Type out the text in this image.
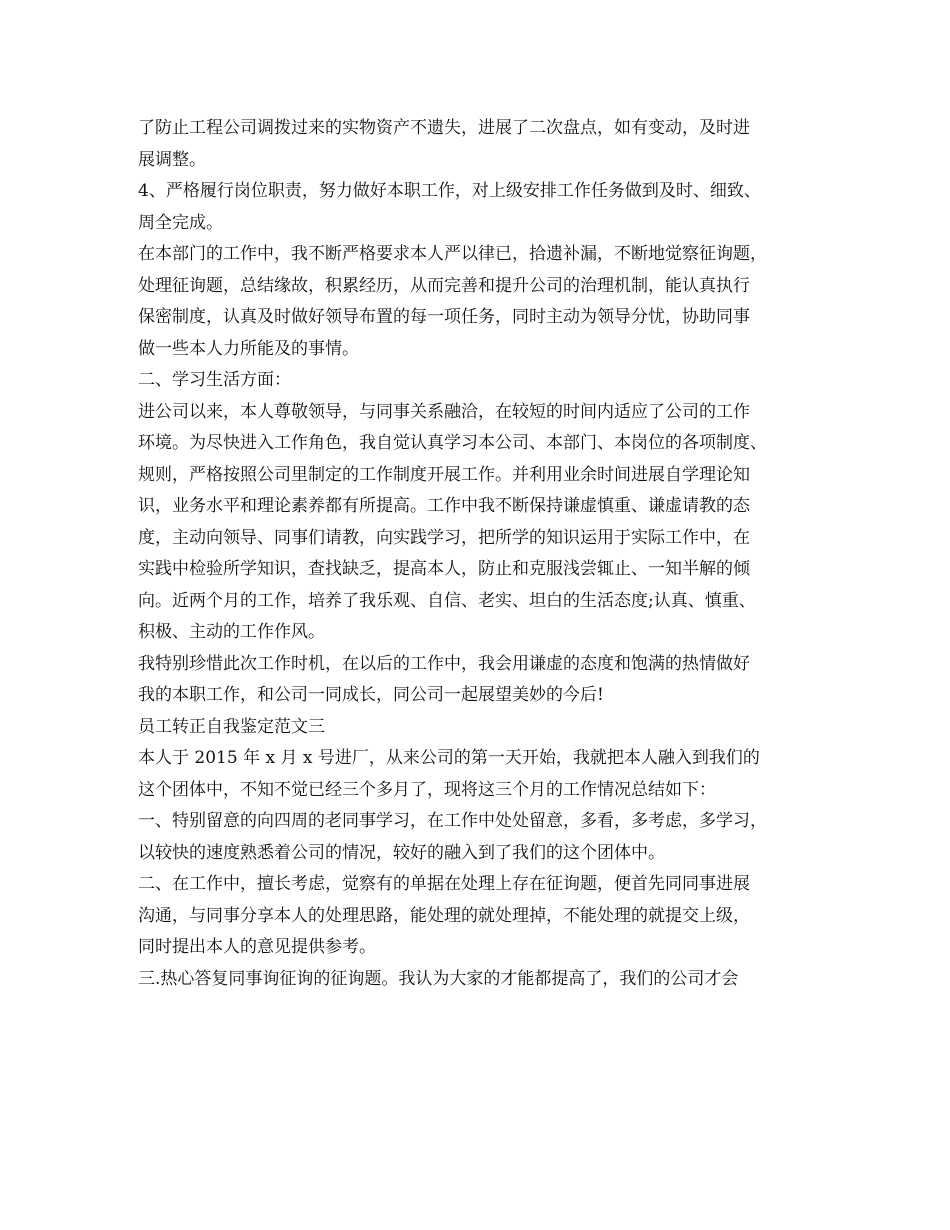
了防止工程公司调拨过来的实物资产不遗失，进展了二次盘点，如有变动，及时进
展调整。
4、严格履行岗位职责，努力做好本职工作，对上级安排工作任务做到及时、细致、
周全完成。
在本部门的工作中，我不断严格要求本人严以律已，拾遗补漏，不断地觉察征询题，
处理征询题，总结缘故，积累经历，从而完善和提升公司的治理机制，能认真执行
保密制度，认真及时做好领导布置的每一项任务，同时主动为领导分忧，协助同事
做一些本人力所能及的事情。
二、学习生活方面：
进公司以来，本人尊敬领导，与同事关系融洽，在较短的时间内适应了公司的工作
环境。为尽快进入工作角色，我自觉认真学习本公司、本部门、本岗位的各项制度、
规则，严格按照公司里制定的工作制度开展工作。并利用业余时间进展自学理论知
识，业务水平和理论素养都有所提高。工作中我不断保持谦虚慎重、谦虚请教的态
度，主动向领导、同事们请教，向实践学习，把所学的知识运用于实际工作中，在
实践中检验所学知识，查找缺乏，提高本人，防止和克服浅尝辄止、一知半解的倾
向。近两个月的工作，培养了我乐观、自信、老实、坦白的生活态度;认真、慎重、
积极、主动的工作作风。
我特别珍惜此次工作时机，在以后的工作中，我会用谦虚的态度和饱满的热情做好
我的本职工作，和公司一同成长，同公司一起展望美妙的今后!
员工转正自我鉴定范文三
本人于 2015 年 x 月 x 号进厂，从来公司的第一天开始，我就把本人融入到我们的
这个团体中，不知不觉已经三个多月了，现将这三个月的工作情况总结如下：
一、特别留意的向四周的老同事学习，在工作中处处留意，多看，多考虑，多学习，
以较快的速度熟悉着公司的情况，较好的融入到了我们的这个团体中。
二、在工作中，擅长考虑，觉察有的单据在处理上存在征询题，便首先同同事进展
沟通，与同事分享本人的处理思路，能处理的就处理掉，不能处理的就提交上级，
同时提出本人的意见提供参考。
三.热心答复同事询征询的征询题。我认为大家的才能都提高了，我们的公司才会
